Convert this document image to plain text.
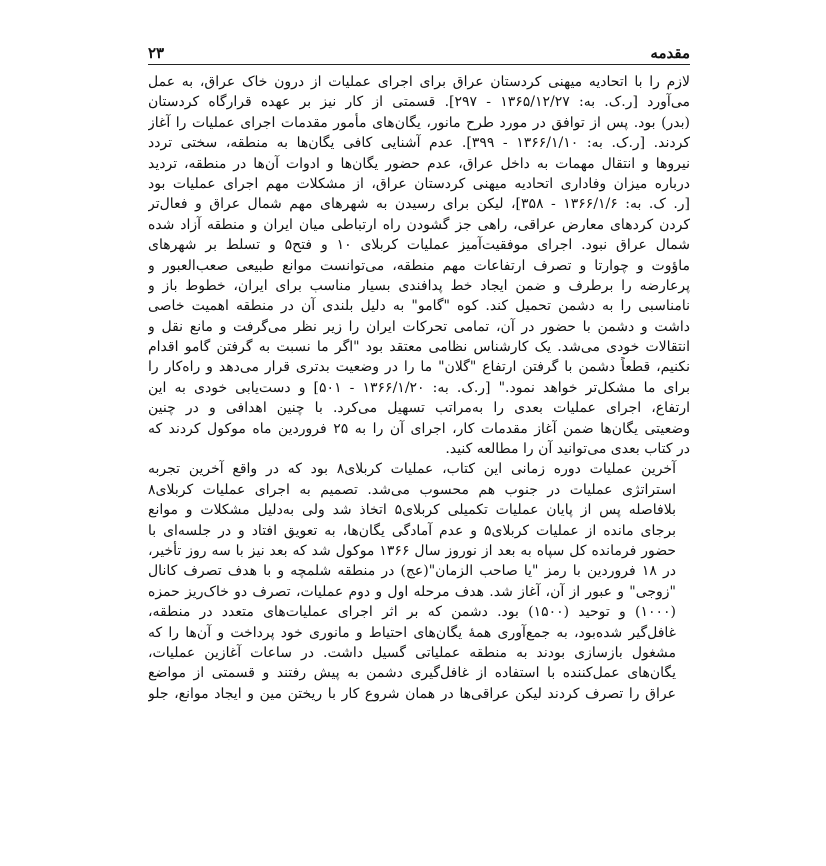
مقدمه
۲۳
لازم را با اتحادیه میهنی کردستان عراق برای اجرای عملیات از درون خاک عراق، به عمل
می‌آورد [ر.ک. به: ۱۳۶۵/۱۲/۲۷ - ۲۹۷]. قسمتی از کار نیز بر عهده قرارگاه کردستان
(بدر) بود. پس از توافق در مورد طرح مانور، یگان‌های مأمور مقدمات اجرای عملیات را آغاز
کردند. [ر.ک. به: ۱۳۶۶/۱/۱۰ - ۳۹۹]. عدم آشنایی کافی یگان‌ها به منطقه، سختی تردد
نیروها و انتقال مهمات به داخل عراق، عدم حضور یگان‌ها و ادوات آن‌ها در منطقه، تردید
درباره میزان وفاداری اتحادیه میهنی کردستان عراق، از مشکلات مهم اجرای عملیات بود
[ر. ک. به: ۱۳۶۶/۱/۶ - ۳۵۸]، لیکن برای رسیدن به شهرهای مهم شمال عراق و فعال‌تر
کردن کردهای معارض عراقی، راهی جز گشودن راه ارتباطی میان ایران و منطقه آزاد شده
شمال عراق نبود. اجرای موفقیت‌آمیز عملیات کربلای ۱۰ و فتح۵ و تسلط بر شهرهای
ماؤوت و چوارتا و تصرف ارتفاعات مهم منطقه، می‌توانست موانع طبیعی صعب‌العبور و
پرعارضه را برطرف و ضمن ایجاد خط پدافندی بسیار مناسب برای ایران، خطوط باز و
نامناسبی را به دشمن تحمیل کند. کوه "گامو" به دلیل بلندی آن در منطقه اهمیت خاصی
داشت و دشمن با حضور در آن، تمامی تحرکات ایران را زیر نظر می‌گرفت و مانع نقل و
انتقالات خودی می‌شد. یک کارشناس نظامی معتقد بود "اگر ما نسبت به گرفتن گامو اقدام
نکنیم، قطعاً دشمن با گرفتن ارتفاع "گلان" ما را در وضعیت بدتری قرار می‌دهد و راه‌کار را
برای ما مشکل‌تر خواهد نمود." [ر.ک. به: ۱۳۶۶/۱/۲۰ - ۵۰۱] و دست‌یابی خودی به این
ارتفاع، اجرای عملیات بعدی را به‌مراتب تسهیل می‌کرد. با چنین اهدافی و در چنین
وضعیتی یگان‌ها ضمن آغاز مقدمات کار، اجرای آن را به ۲۵ فروردین ماه موکول کردند که
در کتاب بعدی می‌توانید آن را مطالعه کنید.
آخرین عملیات دوره زمانی این کتاب، عملیات کربلای۸ بود که در واقع آخرین تجربه
استراتژی عملیات در جنوب هم محسوب می‌شد. تصمیم به اجرای عملیات کربلای۸
بلافاصله پس از پایان عملیات تکمیلی کربلای۵ اتخاذ شد ولی به‌دلیل مشکلات و موانع
برجای مانده از عملیات کربلای۵ و عدم آمادگی یگان‌ها، به تعویق افتاد و در جلسه‌ای با
حضور فرمانده کل سپاه به بعد از نوروز سال ۱۳۶۶ موکول شد که بعد نیز با سه روز تأخیر،
در ۱۸ فروردین با رمز "یا صاحب الزمان"(عج) در منطقه شلمچه و با هدف تصرف کانال
"زوجی" و عبور از آن، آغاز شد. هدف مرحله اول و دوم عملیات، تصرف دو خاک‌ریز حمزه
(۱۰۰۰) و توحید (۱۵۰۰) بود. دشمن که بر اثر اجرای عملیات‌های متعدد در منطقه،
غافل‌گیر شده‌بود، به جمع‌آوری همهٔ یگان‌های احتیاط و مانوری خود پرداخت و آن‌ها را که
مشغول بازسازی بودند به منطقه عملیاتی گسیل داشت. در ساعات آغازین عملیات،
یگان‌های عمل‌کننده با استفاده از غافل‌گیری دشمن به پیش رفتند و قسمتی از مواضع
عراق را تصرف کردند لیکن عراقی‌ها در همان شروع کار با ریختن مین و ایجاد موانع، جلو
